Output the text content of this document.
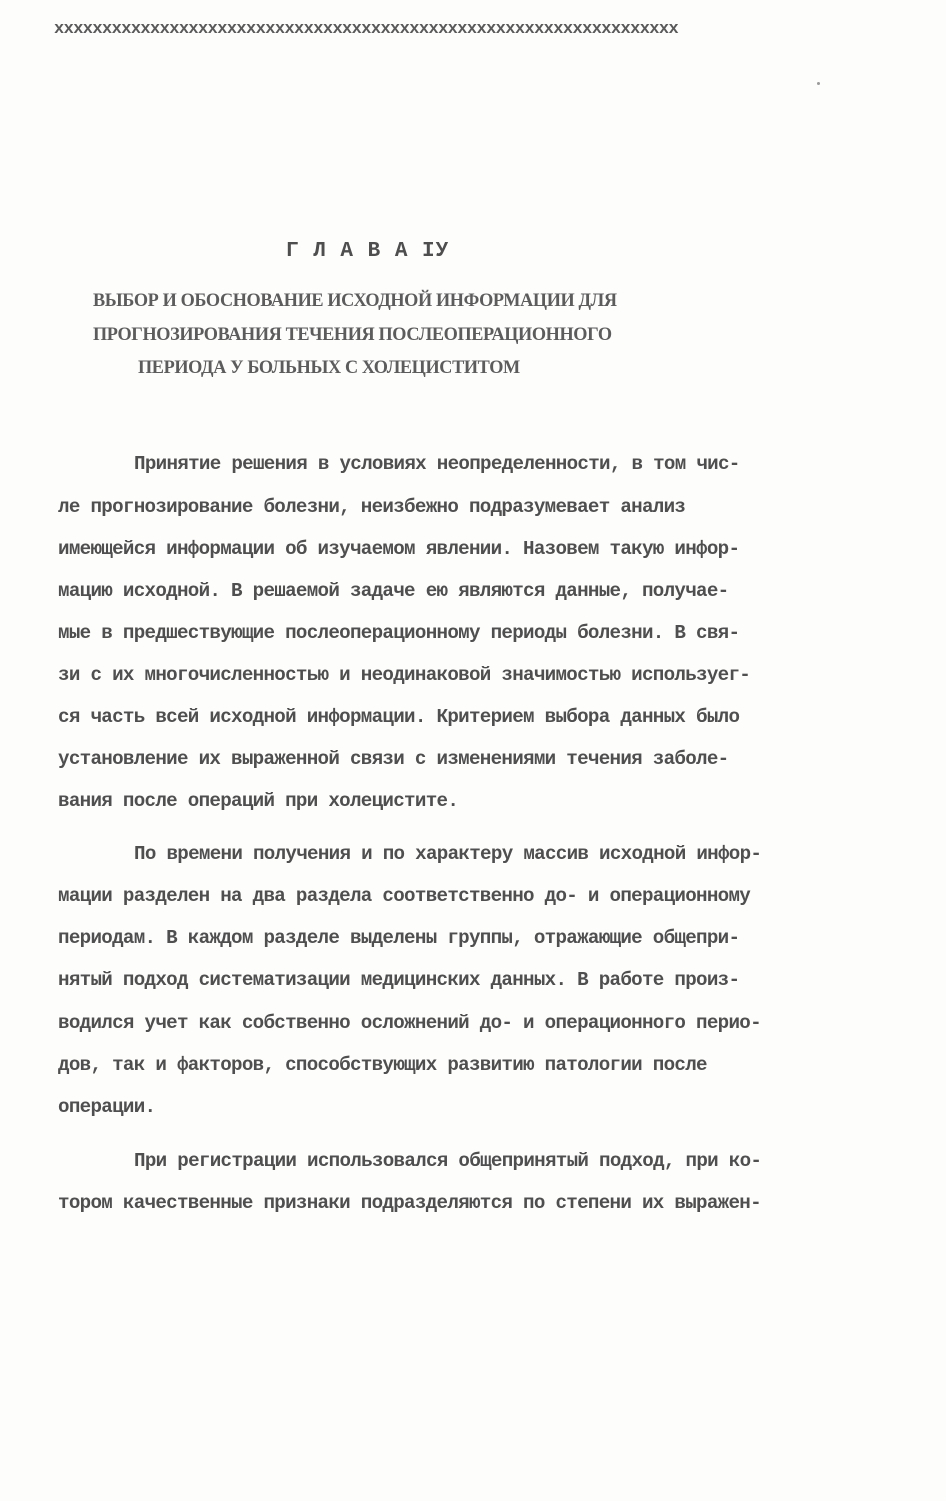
xxxxxxxxxxxxxxxxxxxxxxxxxxxxxxxxxxxxxxxxxxxxxxxxxxxxxxxxxxxxxxxxx
Г Л А В А IУ
ВЫБОР И ОБОСНОВАНИЕ ИСХОДНОЙ ИНФОРМАЦИИ ДЛЯ
ПРОГНОЗИРОВАНИЯ ТЕЧЕНИЯ ПОСЛЕОПЕРАЦИОННОГО
ПЕРИОДА У БОЛЬНЫХ С ХОЛЕЦИСТИТОМ
Принятие решения в условиях неопределенности, в том чис-
ле прогнозирование болезни, неизбежно подразумевает анализ
имеющейся информации об изучаемом явлении. Назовем такую инфор-
мацию исходной. В решаемой задаче ею являются данные, получае-
мые в предшествующие послеоперационному периоды болезни. В свя-
зи с их многочисленностью и неодинаковой значимостью используег-
ся часть всей исходной информации. Критерием выбора данных было
установление их выраженной связи с изменениями течения заболе-
вания после операций при холецистите.
По времени получения и по характеру массив исходной инфор-
мации разделен на два раздела соответственно до- и операционному
периодам. В каждом разделе выделены группы, отражающие общепри-
нятый подход систематизации медицинских данных. В работе произ-
водился учет как собственно осложнений до- и операционного перио-
дов, так и факторов, способствующих развитию патологии после
операции.
При регистрации использовался общепринятый подход, при ко-
тором качественные признаки подразделяются по степени их выражен-
